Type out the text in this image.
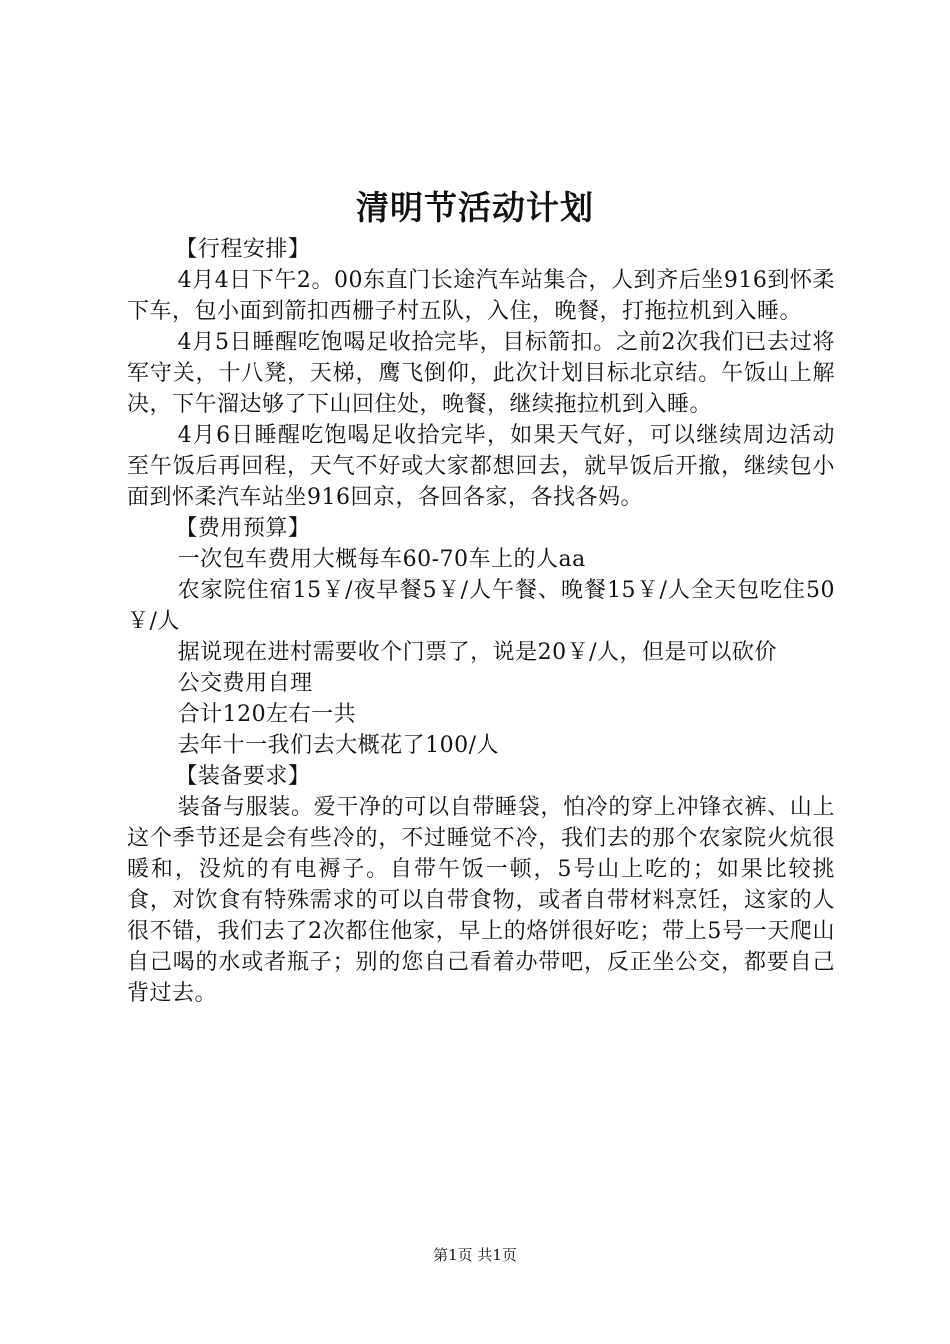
清明节活动计划

【行程安排】

4月4日下午2。00东直门长途汽车站集合，人到齐后坐916到怀柔下车，包小面到箭扣西栅子村五队，入住，晚餐，打拖拉机到入睡。

4月5日睡醒吃饱喝足收拾完毕，目标箭扣。之前2次我们已去过将军守关，十八凳，天梯，鹰飞倒仰，此次计划目标北京结。午饭山上解决，下午溜达够了下山回住处，晚餐，继续拖拉机到入睡。

4月6日睡醒吃饱喝足收拾完毕，如果天气好，可以继续周边活动至午饭后再回程，天气不好或大家都想回去，就早饭后开撤，继续包小面到怀柔汽车站坐916回京，各回各家，各找各妈。

【费用预算】

一次包车费用大概每车60-70车上的人aa

农家院住宿15￥/夜早餐5￥/人午餐、晚餐15￥/人全天包吃住50￥/人

据说现在进村需要收个门票了，说是20￥/人，但是可以砍价

公交费用自理

合计120左右一共

去年十一我们去大概花了100/人

【装备要求】

装备与服装。爱干净的可以自带睡袋，怕冷的穿上冲锋衣裤、山上这个季节还是会有些冷的，不过睡觉不冷，我们去的那个农家院火炕很暖和，没炕的有电褥子。自带午饭一顿，5号山上吃的；如果比较挑食，对饮食有特殊需求的可以自带食物，或者自带材料烹饪，这家的人很不错，我们去了2次都住他家，早上的烙饼很好吃；带上5号一天爬山自己喝的水或者瓶子；别的您自己看着办带吧，反正坐公交，都要自己背过去。

第1页 共1页
